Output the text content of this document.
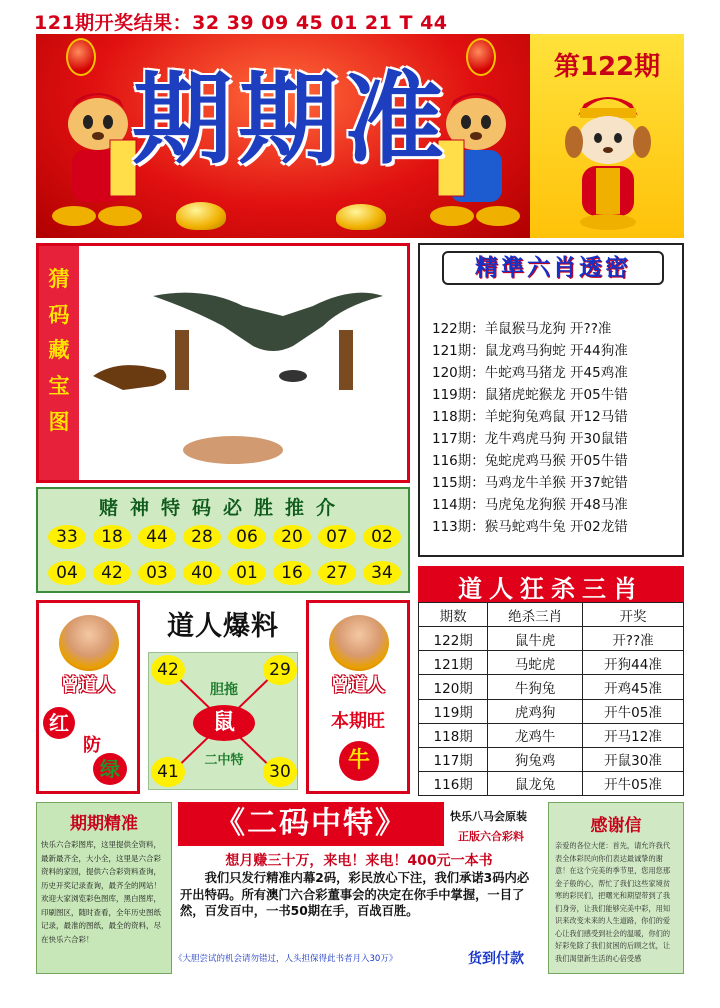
121期开奖结果：32 39 09 45 01 21 T 44
期期准	第122期
猜
码
藏
宝
图
精準六肖透密
122期：羊鼠猴马龙狗 开??准
121期：鼠龙鸡马狗蛇 开44狗准
120期：牛蛇鸡马猪龙 开45鸡准
119期：鼠猪虎蛇猴龙 开05牛错
118期：羊蛇狗兔鸡鼠 开12马错
117期：龙牛鸡虎马狗 开30鼠错
116期：兔蛇虎鸡马猴 开05牛错
115期：马鸡龙牛羊猴 开37蛇错
114期：马虎兔龙狗猴 开48马准
113期：猴马蛇鸡牛兔 开02龙错
赌神特码必胜推介
33	18	44	28	06	20	07	02
04	42	03	40	01	16	27	34
道人狂杀三肖
期数	绝杀三肖	开奖
122期	鼠牛虎	开??准
121期	马蛇虎	开狗44准
120期	牛狗兔	开鸡45准
119期	虎鸡狗	开牛05准
118期	龙鸡牛	开马12准
117期	狗兔鸡	开鼠30准
116期	鼠龙兔	开牛05准
曾道人
红
防
绿
道人爆料
42	29
41	30
胆拖
鼠
二中特
曾道人
本期旺
牛
期期精准
快乐六合彩图库，这里提供全资料，最新最齐全，大小全，这里是六合彩资料的家园，提供六合彩资料查询，历史开奖记录查询，最齐全的网站！欢迎大家浏览彩色图库，黑白图库，印刷图区，随时查看，全年历史图纸记录，最准的图纸，最全的资料，尽在快乐六合彩！
《二码中特》	快乐八马会原装
正版六合彩料
想月赚三十万，来电！来电！400元一本书
我们只发行精准内幕2码，彩民放心下注，我们承诺3码内必开出特码。所有澳门六合彩董事会的决定在你手中掌握，一目了然，百发百中，一书50期在手，百战百胜。
《大胆尝试的机会请勿错过，人头担保得此书者月入30万》	货到付款
感谢信
亲爱的各位大佬：首先，请允许我代表全体彩民向你们表达最诚挚的谢意！在这个完美的季节里，您用您那金子般的心，帮忙了我们这些家境贫寒的彩民们，把曙光和期望带到了我们身旁，让我们能够完美中彩，用知识来改变未来的人生道路，你们的爱心让我们感受到社会的温暖，你们的好彩免除了我们贫困的后顾之忧，让我们渴望新生活的心倍受感
